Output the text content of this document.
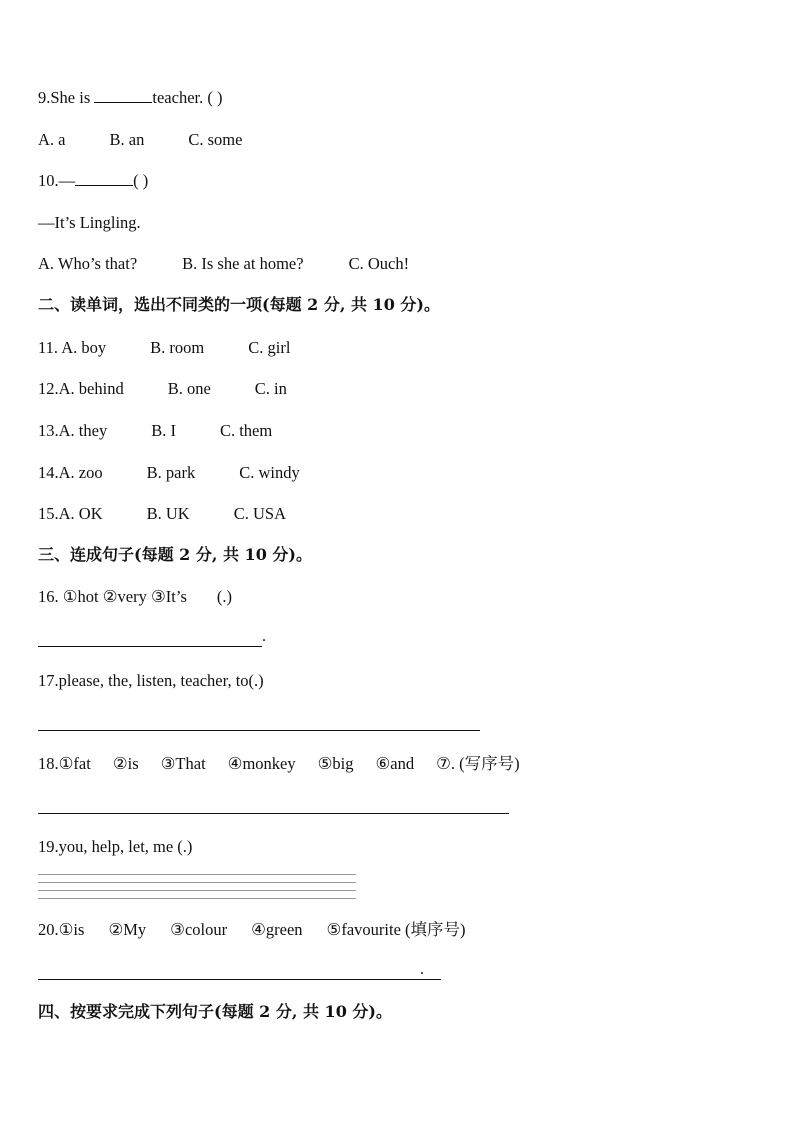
9.She is	teacher. ( )
A. a	B. an	C. some
10.—	( )
—It’s Lingling.
A. Who’s that?	B. Is she at home?	C. Ouch!
二、读单词，选出不同类的一项(每题 2 分, 共 10 分)。
11. A. boy	B. room	C. girl
12.A. behind	B. one	C. in
13.A. they	B. I	C. them
14.A. zoo	B. park	C. windy
15.A. OK	B. UK	C. USA
三、连成句子(每题 2 分, 共 10 分)。
16. ①hot ②very ③It’s (.)
.
17.please, the, listen, teacher, to(.)
18.①fat ②is ③That ④monkey ⑤big ⑥and ⑦. (写序号)
19.you, help, let, me (.)
20.①is ②My ③colour ④green ⑤favourite (填序号)
.
四、按要求完成下列句子(每题 2 分, 共 10 分)。
